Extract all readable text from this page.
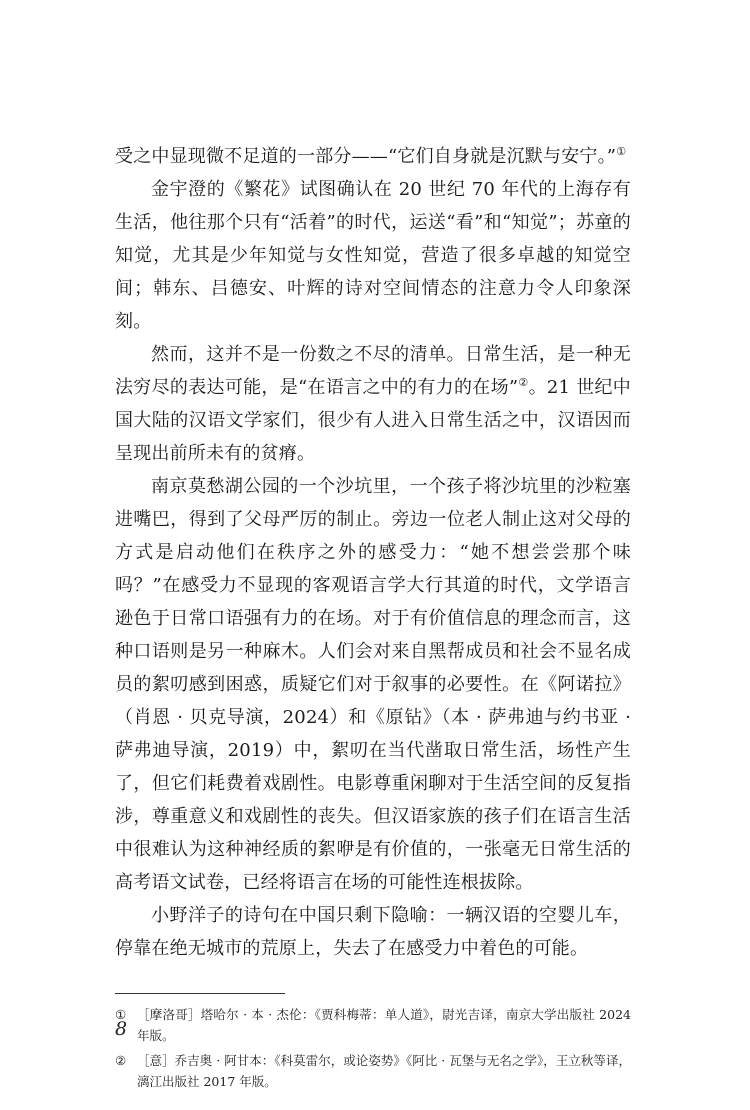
受之中显现微不足道的一部分——“它们自身就是沉默与安宁。”①

金宇澄的《繁花》试图确认在 20 世纪 70 年代的上海存有生活，他往那个只有“活着”的时代，运送“看”和“知觉”；苏童的知觉，尤其是少年知觉与女性知觉，营造了很多卓越的知觉空间；韩东、吕德安、叶辉的诗对空间情态的注意力令人印象深刻。

然而，这并不是一份数之不尽的清单。日常生活，是一种无法穷尽的表达可能，是“在语言之中的有力的在场”②。21 世纪中国大陆的汉语文学家们，很少有人进入日常生活之中，汉语因而呈现出前所未有的贫瘠。

南京莫愁湖公园的一个沙坑里，一个孩子将沙坑里的沙粒塞进嘴巴，得到了父母严厉的制止。旁边一位老人制止这对父母的方式是启动他们在秩序之外的感受力：“她不想尝尝那个味吗？”在感受力不显现的客观语言学大行其道的时代，文学语言逊色于日常口语强有力的在场。对于有价值信息的理念而言，这种口语则是另一种麻木。人们会对来自黑帮成员和社会不显名成员的絮叨感到困惑，质疑它们对于叙事的必要性。在《阿诺拉》（肖恩 · 贝克导演，2024）和《原钻》（本 · 萨弗迪与约书亚 · 萨弗迪导演，2019）中，絮叨在当代凿取日常生活，场性产生了，但它们耗费着戏剧性。电影尊重闲聊对于生活空间的反复指涉，尊重意义和戏剧性的丧失。但汉语家族的孩子们在语言生活中很难认为这种神经质的絮咿是有价值的，一张毫无日常生活的高考语文试卷，已经将语言在场的可能性连根拔除。

小野洋子的诗句在中国只剩下隐喻：一辆汉语的空婴儿车，停靠在绝无城市的荒原上，失去了在感受力中着色的可能。

① ［摩洛哥］塔哈尔 · 本 · 杰伦：《贾科梅蒂：单人道》，尉光吉译，南京大学出版社 2024 年版。
② ［意］乔吉奥 · 阿甘本：《科莫雷尔，或论姿势》《阿比 · 瓦堡与无名之学》，王立秋等译，漓江出版社 2017 年版。
8
